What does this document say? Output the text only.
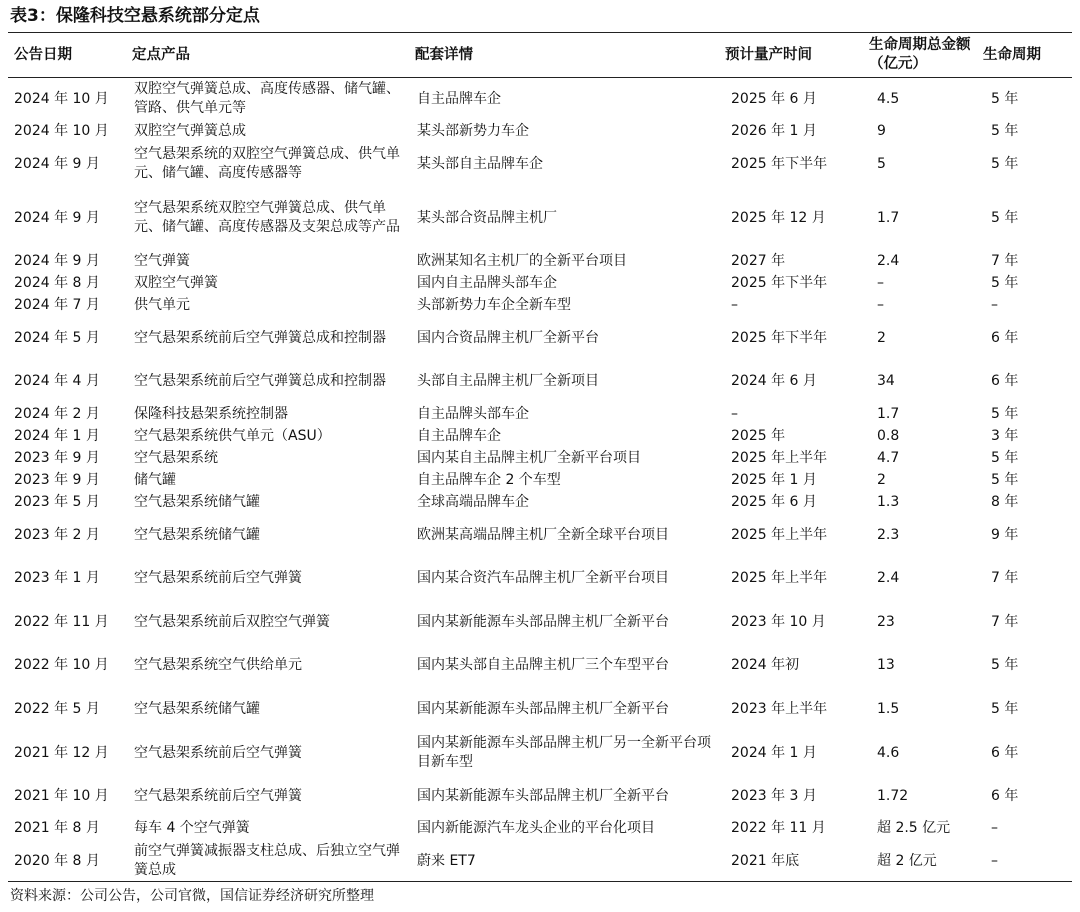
表3：保隆科技空悬系统部分定点
公告日期	定点产品	配套详情	预计量产时间	生命周期总金额（亿元）	生命周期
2024 年 10 月	双腔空气弹簧总成、高度传感器、储气罐、管路、供气单元等	自主品牌车企	2025 年 6 月	4.5	5 年
2024 年 10 月	双腔空气弹簧总成	某头部新势力车企	2026 年 1 月	9	5 年
2024 年 9 月	空气悬架系统的双腔空气弹簧总成、供气单元、储气罐、高度传感器等	某头部自主品牌车企	2025 年下半年	5	5 年
2024 年 9 月	空气悬架系统双腔空气弹簧总成、供气单元、储气罐、高度传感器及支架总成等产品	某头部合资品牌主机厂	2025 年 12 月	1.7	5 年
2024 年 9 月	空气弹簧	欧洲某知名主机厂的全新平台项目	2027 年	2.4	7 年
2024 年 8 月	双腔空气弹簧	国内自主品牌头部车企	2025 年下半年	–	5 年
2024 年 7 月	供气单元	头部新势力车企全新车型	–	–	–
2024 年 5 月	空气悬架系统前后空气弹簧总成和控制器	国内合资品牌主机厂全新平台	2025 年下半年	2	6 年
2024 年 4 月	空气悬架系统前后空气弹簧总成和控制器	头部自主品牌主机厂全新项目	2024 年 6 月	34	6 年
2024 年 2 月	保隆科技悬架系统控制器	自主品牌头部车企	–	1.7	5 年
2024 年 1 月	空气悬架系统供气单元（ASU）	自主品牌车企	2025 年	0.8	3 年
2023 年 9 月	空气悬架系统	国内某自主品牌主机厂全新平台项目	2025 年上半年	4.7	5 年
2023 年 9 月	储气罐	自主品牌车企 2 个车型	2025 年 1 月	2	5 年
2023 年 5 月	空气悬架系统储气罐	全球高端品牌车企	2025 年 6 月	1.3	8 年
2023 年 2 月	空气悬架系统储气罐	欧洲某高端品牌主机厂全新全球平台项目	2025 年上半年	2.3	9 年
2023 年 1 月	空气悬架系统前后空气弹簧	国内某合资汽车品牌主机厂全新平台项目	2025 年上半年	2.4	7 年
2022 年 11 月	空气悬架系统前后双腔空气弹簧	国内某新能源车头部品牌主机厂全新平台	2023 年 10 月	23	7 年
2022 年 10 月	空气悬架系统空气供给单元	国内某头部自主品牌主机厂三个车型平台	2024 年初	13	5 年
2022 年 5 月	空气悬架系统储气罐	国内某新能源车头部品牌主机厂全新平台	2023 年上半年	1.5	5 年
2021 年 12 月	空气悬架系统前后空气弹簧	国内某新能源车头部品牌主机厂另一全新平台项目新车型	2024 年 1 月	4.6	6 年
2021 年 10 月	空气悬架系统前后空气弹簧	国内某新能源车头部品牌主机厂全新平台	2023 年 3 月	1.72	6 年
2021 年 8 月	每车 4 个空气弹簧	国内新能源汽车龙头企业的平台化项目	2022 年 11 月	超 2.5 亿元	–
2020 年 8 月	前空气弹簧减振器支柱总成、后独立空气弹簧总成	蔚来 ET7	2021 年底	超 2 亿元	–
资料来源：公司公告，公司官微，国信证券经济研究所整理
